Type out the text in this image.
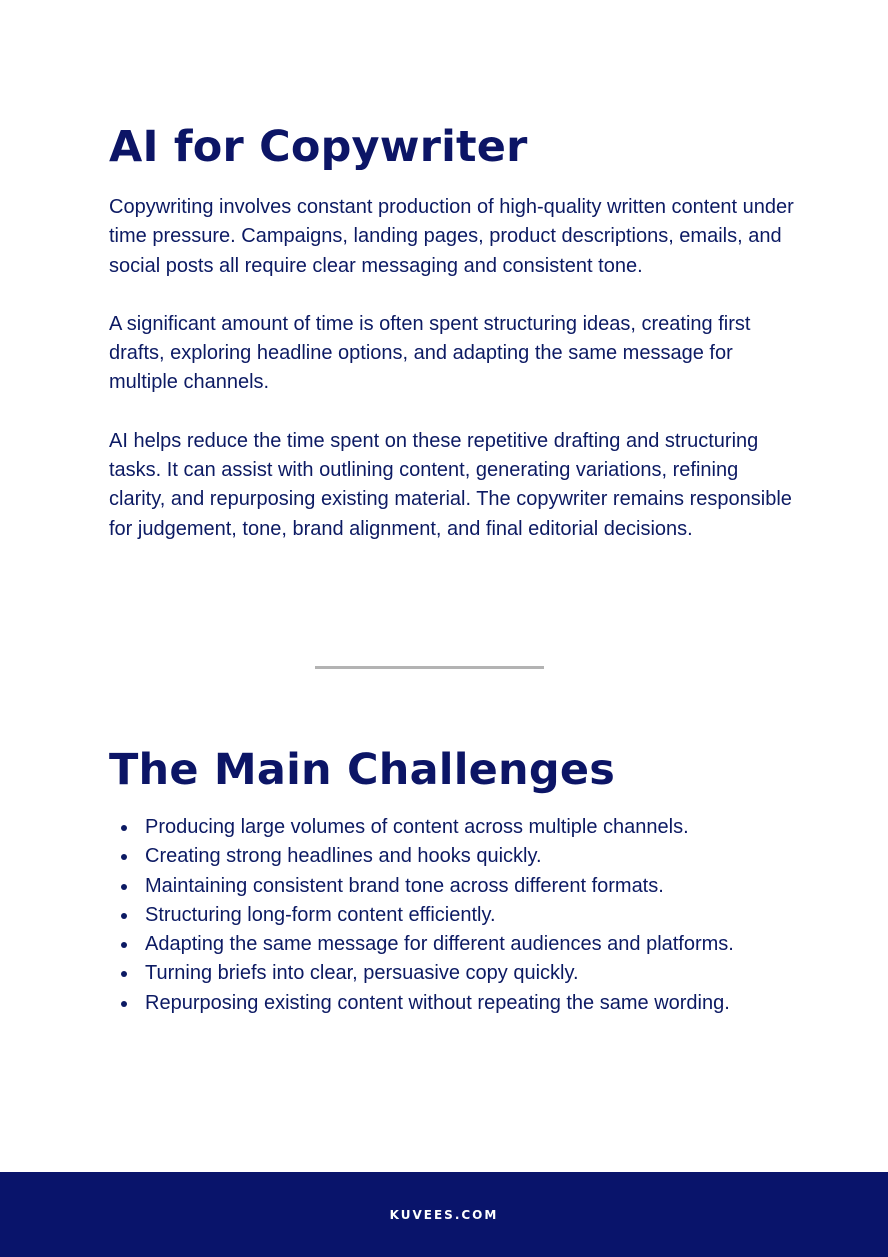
AI for Copywriter

Copywriting involves constant production of high-quality written content under time pressure. Campaigns, landing pages, product descriptions, emails, and social posts all require clear messaging and consistent tone.

A significant amount of time is often spent structuring ideas, creating first drafts, exploring headline options, and adapting the same message for multiple channels.

AI helps reduce the time spent on these repetitive drafting and structuring tasks. It can assist with outlining content, generating variations, refining clarity, and repurposing existing material. The copywriter remains responsible for judgement, tone, brand alignment, and final editorial decisions.

The Main Challenges
Producing large volumes of content across multiple channels.
Creating strong headlines and hooks quickly.
Maintaining consistent brand tone across different formats.
Structuring long-form content efficiently.
Adapting the same message for different audiences and platforms.
Turning briefs into clear, persuasive copy quickly.
Repurposing existing content without repeating the same wording.
KUVEES.COM
